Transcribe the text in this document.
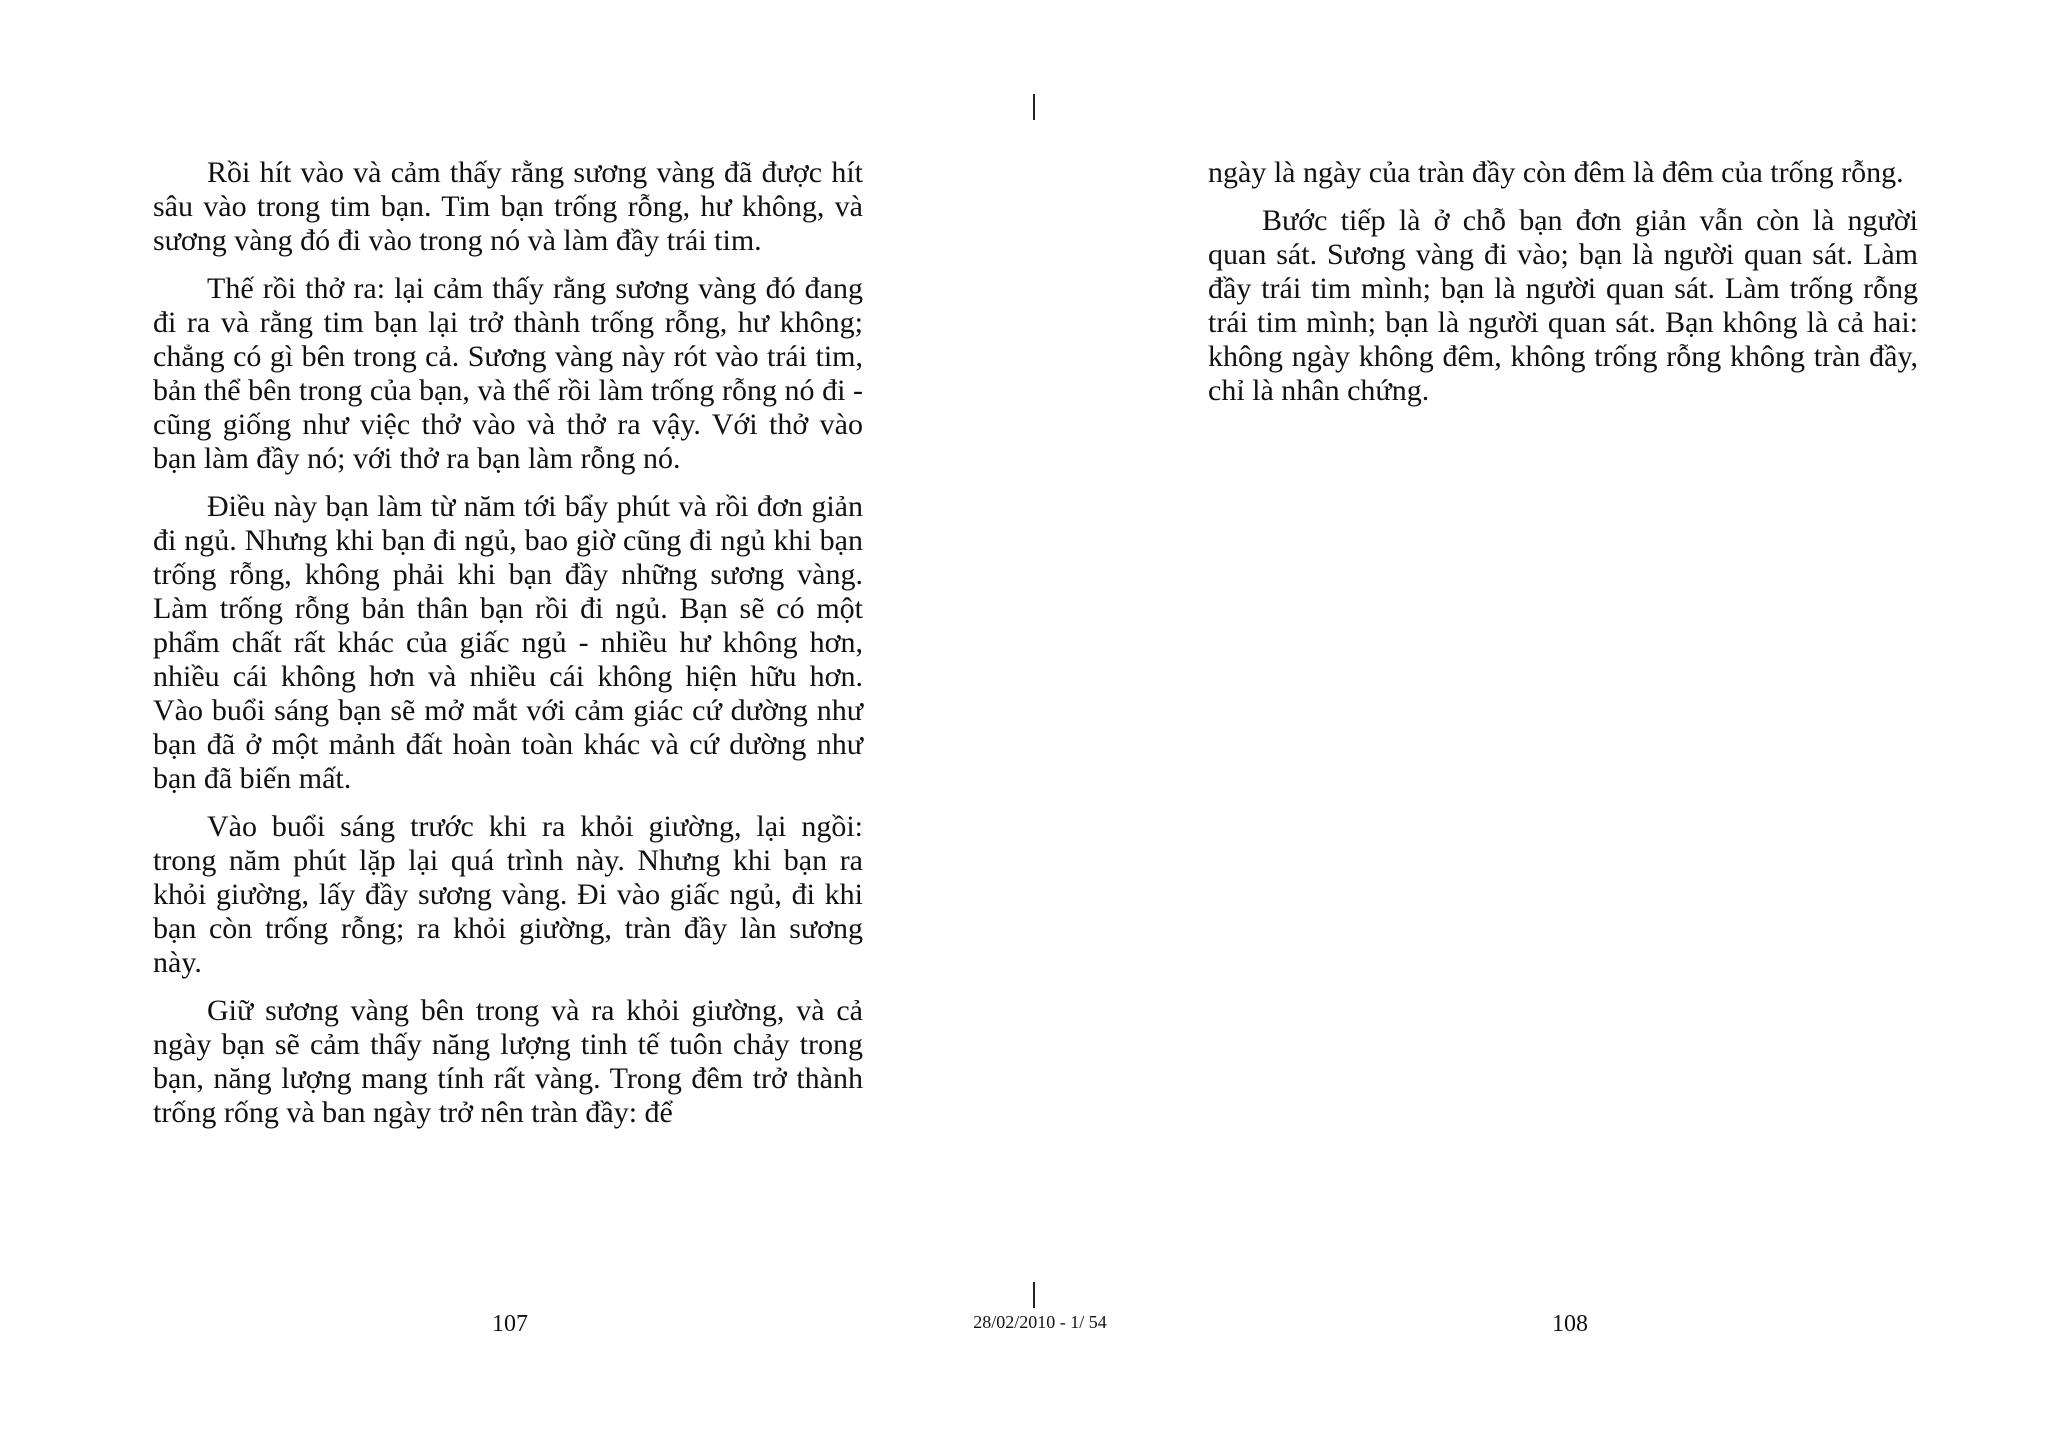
Rồi hít vào và cảm thấy rằng sương vàng đã được hít sâu vào trong tim bạn. Tim bạn trống rỗng, hư không, và sương vàng đó đi vào trong nó và làm đầy trái tim.

Thế rồi thở ra: lại cảm thấy rằng sương vàng đó đang đi ra và rằng tim bạn lại trở thành trống rỗng, hư không; chẳng có gì bên trong cả. Sương vàng này rót vào trái tim, bản thể bên trong của bạn, và thế rồi làm trống rỗng nó đi - cũng giống như việc thở vào và thở ra vậy. Với thở vào bạn làm đầy nó; với thở ra bạn làm rỗng nó.

Điều này bạn làm từ năm tới bẩy phút và rồi đơn giản đi ngủ. Nhưng khi bạn đi ngủ, bao giờ cũng đi ngủ khi bạn trống rỗng, không phải khi bạn đầy những sương vàng. Làm trống rỗng bản thân bạn rồi đi ngủ. Bạn sẽ có một phẩm chất rất khác của giấc ngủ - nhiều hư không hơn, nhiều cái không hơn và nhiều cái không hiện hữu hơn. Vào buổi sáng bạn sẽ mở mắt với cảm giác cứ dường như bạn đã ở một mảnh đất hoàn toàn khác và cứ dường như bạn đã biến mất.

Vào buổi sáng trước khi ra khỏi giường, lại ngồi: trong năm phút lặp lại quá trình này. Nhưng khi bạn ra khỏi giường, lấy đầy sương vàng. Đi vào giấc ngủ, đi khi bạn còn trống rỗng; ra khỏi giường, tràn đầy làn sương này.

Giữ sương vàng bên trong và ra khỏi giường, và cả ngày bạn sẽ cảm thấy năng lượng tinh tế tuôn chảy trong bạn, năng lượng mang tính rất vàng. Trong đêm trở thành trống rống và ban ngày trở nên tràn đầy: để

ngày là ngày của tràn đầy còn đêm là đêm của trống rỗng.

Bước tiếp là ở chỗ bạn đơn giản vẫn còn là người quan sát. Sương vàng đi vào; bạn là người quan sát. Làm đầy trái tim mình; bạn là người quan sát. Làm trống rỗng trái tim mình; bạn là người quan sát. Bạn không là cả hai: không ngày không đêm, không trống rỗng không tràn đầy, chỉ là nhân chứng.

107	28/02/2010 - 1/ 54	108
